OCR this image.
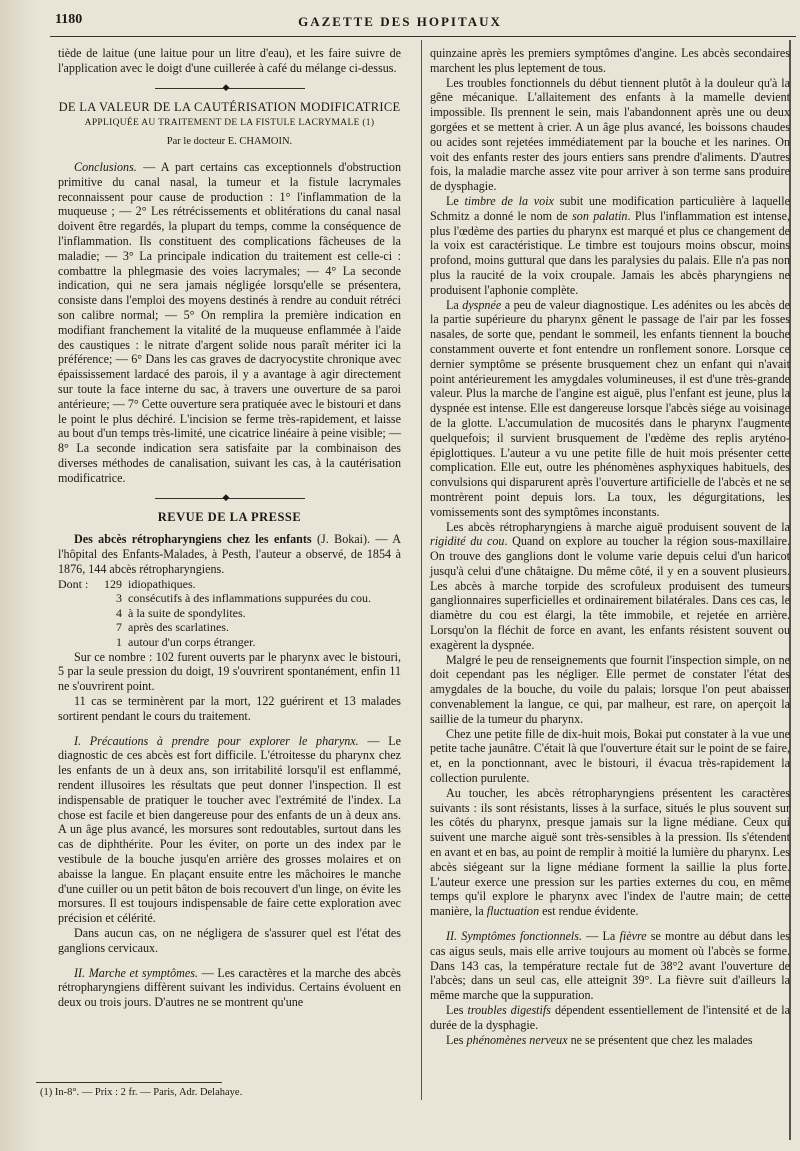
1180	GAZETTE DES HOPITAUX

tiède de laitue (une laitue pour un litre d'eau), et les faire suivre de l'application avec le doigt d'une cuillerée à café du mélange ci-dessus.

◆
DE LA VALEUR DE LA CAUTÉRISATION MODIFICATRICE
APPLIQUÉE AU TRAITEMENT DE LA FISTULE LACRYMALE (1)
Par le docteur E. CHAMOIN.

Conclusions. — A part certains cas exceptionnels d'obstruction primitive du canal nasal, la tumeur et la fistule lacrymales reconnaissent pour cause de production : 1° l'inflammation de la muqueuse ; — 2° Les rétrécissements et oblitérations du canal nasal doivent être regardés, la plupart du temps, comme la conséquence de l'inflammation. Ils constituent des complications fâcheuses de la maladie; — 3° La principale indication du traitement est celle-ci : combattre la phlegmasie des voies lacrymales; — 4° La seconde indication, qui ne sera jamais négligée lorsqu'elle se présentera, consiste dans l'emploi des moyens destinés à rendre au conduit rétréci son calibre normal; — 5° On remplira la première indication en modifiant franchement la vitalité de la muqueuse enflammée à l'aide des caustiques : le nitrate d'argent solide nous paraît mériter ici la préférence; — 6° Dans les cas graves de dacryocystite chronique avec épaississement lardacé des parois, il y a avantage à agir directement sur toute la face interne du sac, à travers une ouverture de sa paroi antérieure; — 7° Cette ouverture sera pratiquée avec le bistouri et dans le point le plus déchiré. L'incision se ferme très-rapidement, et laisse au bout d'un temps très-limité, une cicatrice linéaire à peine visible; — 8° La seconde indication sera satisfaite par la combinaison des diverses méthodes de canalisation, suivant les cas, à la cautérisation modificatrice.

◆
REVUE DE LA PRESSE

Des abcès rétropharyngiens chez les enfants (J. Bokai). — A l'hôpital des Enfants-Malades, à Pesth, l'auteur a observé, de 1854 à 1876, 144 abcès rétropharyngiens.

Dont :	129 idiopathiques.
3 consécutifs à des inflammations suppurées du cou.
4 à la suite de spondylites.
7 après des scarlatines.
1 autour d'un corps étranger.

Sur ce nombre : 102 furent ouverts par le pharynx avec le bistouri, 5 par la seule pression du doigt, 19 s'ouvrirent spontanément, enfin 11 ne s'ouvrirent point.

11 cas se terminèrent par la mort, 122 guérirent et 13 malades sortirent pendant le cours du traitement.

I. Précautions à prendre pour explorer le pharynx. — Le diagnostic de ces abcès est fort difficile. L'étroitesse du pharynx chez les enfants de un à deux ans, son irritabilité lorsqu'il est enflammé, rendent illusoires les résultats que peut donner l'inspection. Il est indispensable de pratiquer le toucher avec l'extrémité de l'index. La chose est facile et bien dangereuse pour des enfants de un à deux ans. A un âge plus avancé, les morsures sont redoutables, surtout dans les cas de diphthérite. Pour les éviter, on porte un des index par le vestibule de la bouche jusqu'en arrière des grosses molaires et on abaisse la langue. En plaçant ensuite entre les mâchoires le manche d'une cuiller ou un petit bâton de bois recouvert d'un linge, on évite les morsures. Il est toujours indispensable de faire cette exploration avec précision et célérité.

Dans aucun cas, on ne négligera de s'assurer quel est l'état des ganglions cervicaux.

II. Marche et symptômes. — Les caractères et la marche des abcès rétropharyngiens diffèrent suivant les individus. Certains évoluent en deux ou trois jours. D'autres ne se montrent qu'une

(1) In-8°. — Prix : 2 fr. — Paris, Adr. Delahaye.

quinzaine après les premiers symptômes d'angine. Les abcès secondaires marchent les plus leptement de tous.

Les troubles fonctionnels du début tiennent plutôt à la douleur qu'à la gêne mécanique. L'allaitement des enfants à la mamelle devient impossible. Ils prennent le sein, mais l'abandonnent après une ou deux gorgées et se mettent à crier. A un âge plus avancé, les boissons chaudes ou acides sont rejetées immédiatement par la bouche et les narines. On voit des enfants rester des jours entiers sans prendre d'aliments. D'autres fois, la maladie marche assez vite pour arriver à son terme sans produire de dysphagie.

Le timbre de la voix subit une modification particulière à laquelle Schmitz a donné le nom de son palatin. Plus l'inflammation est intense, plus l'œdème des parties du pharynx est marqué et plus ce changement de la voix est caractéristique. Le timbre est toujours moins obscur, moins profond, moins guttural que dans les paralysies du palais. Elle n'a pas non plus la raucité de la voix croupale. Jamais les abcès pharyngiens ne produisent l'aphonie complète.

La dyspnée a peu de valeur diagnostique. Les adénites ou les abcès de la partie supérieure du pharynx gênent le passage de l'air par les fosses nasales, de sorte que, pendant le sommeil, les enfants tiennent la bouche constamment ouverte et font entendre un ronflement sonore. Lorsque ce dernier symptôme se présente brusquement chez un enfant qui n'avait point antérieurement les amygdales volumineuses, il est d'une très-grande valeur. Plus la marche de l'angine est aiguë, plus l'enfant est jeune, plus la dyspnée est intense. Elle est dangereuse lorsque l'abcès siége au voisinage de la glotte. L'accumulation de mucosités dans le pharynx l'augmente quelquefois; il survient brusquement de l'œdème des replis aryténo-épiglottiques. L'auteur a vu une petite fille de huit mois présenter cette complication. Elle eut, outre les phénomènes asphyxiques habituels, des convulsions qui disparurent après l'ouverture artificielle de l'abcès et ne se montrèrent point depuis lors. La toux, les dégurgitations, les vomissements sont des symptômes inconstants.

Les abcès rétropharyngiens à marche aiguë produisent souvent de la rigidité du cou. Quand on explore au toucher la région sous-maxillaire. On trouve des ganglions dont le volume varie depuis celui d'un haricot jusqu'à celui d'une châtaigne. Du même côté, il y en a souvent plusieurs. Les abcès à marche torpide des scrofuleux produisent des tumeurs ganglionnaires superficielles et ordinairement bilatérales. Dans ces cas, le diamètre du cou est élargi, la tête immobile, et rejetée en arrière. Lorsqu'on la fléchit de force en avant, les enfants résistent souvent ou exagèrent la dyspnée.

Malgré le peu de renseignements que fournit l'inspection simple, on ne doit cependant pas les négliger. Elle permet de constater l'état des amygdales de la bouche, du voile du palais; lorsque l'on peut abaisser convenablement la langue, ce qui, par malheur, est rare, on aperçoit la saillie de la tumeur du pharynx.

Chez une petite fille de dix-huit mois, Bokai put constater à la vue une petite tache jaunâtre. C'était là que l'ouverture était sur le point de se faire, et, en la ponctionnant, avec le bistouri, il évacua très-rapidement la collection purulente.

Au toucher, les abcès rétropharyngiens présentent les caractères suivants : ils sont résistants, lisses à la surface, situés le plus souvent sur les côtés du pharynx, presque jamais sur la ligne médiane. Ceux qui suivent une marche aiguë sont très-sensibles à la pression. Ils s'étendent en avant et en bas, au point de remplir à moitié la lumière du pharynx. Les abcès siégeant sur la ligne médiane forment la saillie la plus forte. L'auteur exerce une pression sur les parties externes du cou, en même temps qu'il explore le pharynx avec l'index de l'autre main; de cette manière, la fluctuation est rendue évidente.

II. Symptômes fonctionnels. — La fièvre se montre au début dans les cas aigus seuls, mais elle arrive toujours au moment où l'abcès se forme. Dans 143 cas, la température rectale fut de 38°2 avant l'ouverture de l'abcès; dans un seul cas, elle atteignit 39°. La fièvre suit d'ailleurs la même marche que la suppuration.

Les troubles digestifs dépendent essentiellement de l'intensité et de la durée de la dysphagie.

Les phénomènes nerveux ne se présentent que chez les malades
